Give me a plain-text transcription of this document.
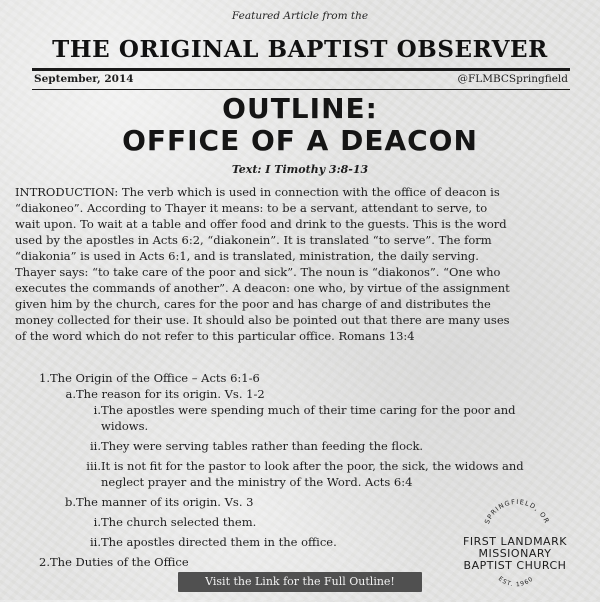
Featured Article from the
THE ORIGINAL BAPTIST OBSERVER
September, 2014	@FLMBCSpringfield
OUTLINE:
OFFICE OF A DEACON
Text: I Timothy 3:8-13
INTRODUCTION: The verb which is used in connection with the office of deacon is
“diakoneo”. According to Thayer it means: to be a servant, attendant to serve, to
wait upon. To wait at a table and offer food and drink to the guests. This is the word
used by the apostles in Acts 6:2, “diakonein”. It is translated “to serve”. The form
“diakonia” is used in Acts 6:1, and is translated, ministration, the daily serving.
Thayer says: “to take care of the poor and sick”. The noun is “diakonos”. “One who
executes the commands of another”. A deacon: one who, by virtue of the assignment
given him by the church, cares for the poor and has charge of and distributes the
money collected for their use. It should also be pointed out that there are many uses
of the word which do not refer to this particular office. Romans 13:4
1. The Origin of the Office – Acts 6:1-6
a. The reason for its origin. Vs. 1-2
i. The apostles were spending much of their time caring for the poor and
widows.
ii. They were serving tables rather than feeding the flock.
iii. It is not fit for the pastor to look after the poor, the sick, the widows and
neglect prayer and the ministry of the Word. Acts 6:4
b. The manner of its origin. Vs. 3
i. The church selected them.
ii. The apostles directed them in the office.
2. The Duties of the Office
SPRINGFIELD, OR
EST. 1960
FIRST LANDMARK
MISSIONARY
BAPTIST CHURCH
Visit the Link for the Full Outline!
